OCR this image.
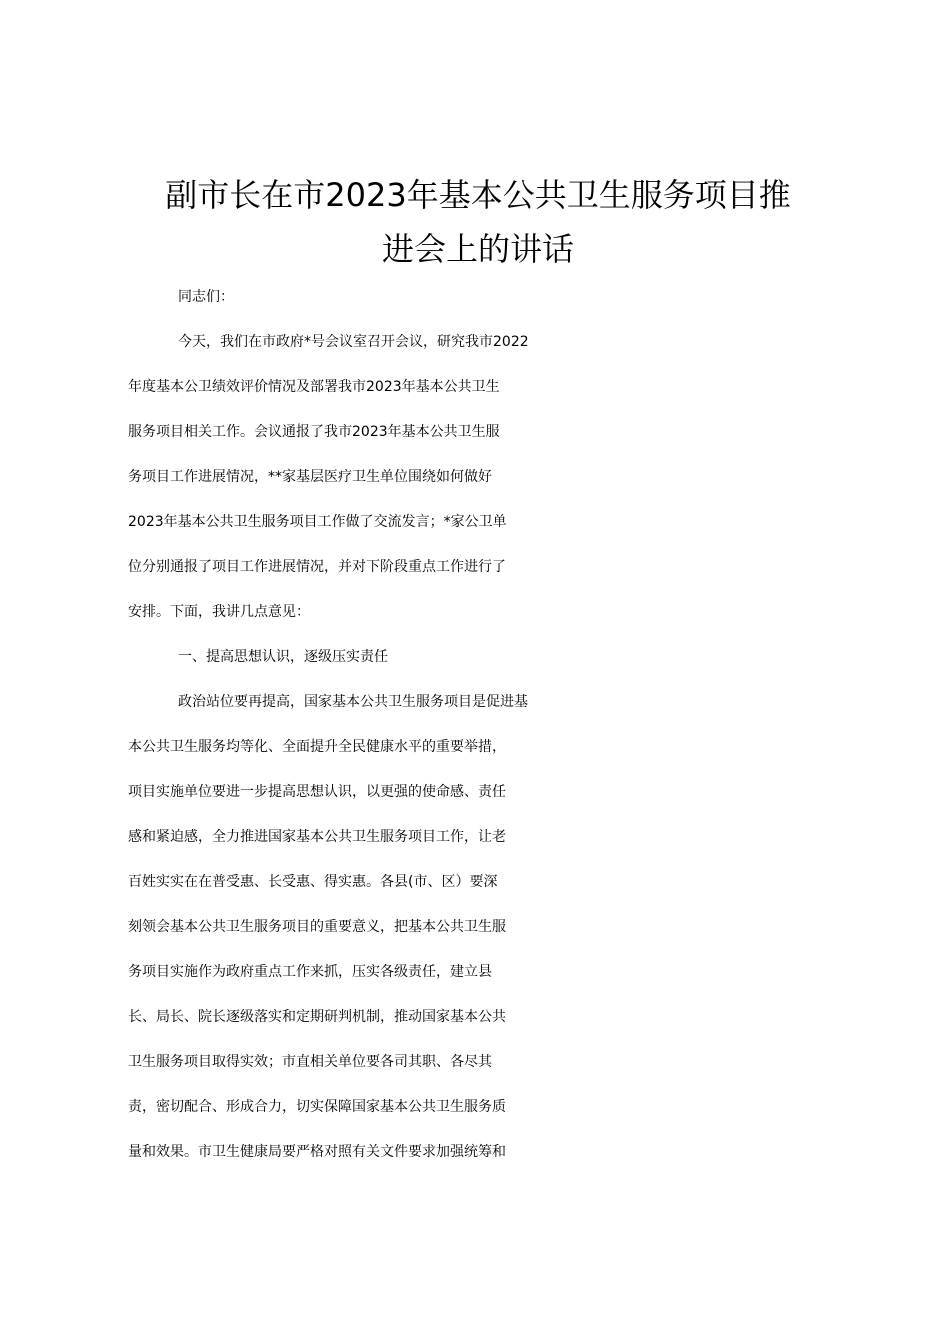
副市长在市2023年基本公共卫生服务项目推
进会上的讲话

同志们：

今天，我们在市政府*号会议室召开会议，研究我市2022

年度基本公卫绩效评价情况及部署我市2023年基本公共卫生

服务项目相关工作。会议通报了我市2023年基本公共卫生服

务项目工作进展情况，**家基层医疗卫生单位围绕如何做好

2023年基本公共卫生服务项目工作做了交流发言；*家公卫单

位分别通报了项目工作进展情况，并对下阶段重点工作进行了

安排。下面，我讲几点意见：

一、提高思想认识，逐级压实责任

政治站位要再提高，国家基本公共卫生服务项目是促进基

本公共卫生服务均等化、全面提升全民健康水平的重要举措，

项目实施单位要进一步提高思想认识，以更强的使命感、责任

感和紧迫感，全力推进国家基本公共卫生服务项目工作，让老

百姓实实在在普受惠、长受惠、得实惠。各县(市、区）要深

刻领会基本公共卫生服务项目的重要意义，把基本公共卫生服

务项目实施作为政府重点工作来抓，压实各级责任，建立县

长、局长、院长逐级落实和定期研判机制，推动国家基本公共

卫生服务项目取得实效；市直相关单位要各司其职、各尽其

责，密切配合、形成合力，切实保障国家基本公共卫生服务质

量和效果。市卫生健康局要严格对照有关文件要求加强统筹和
